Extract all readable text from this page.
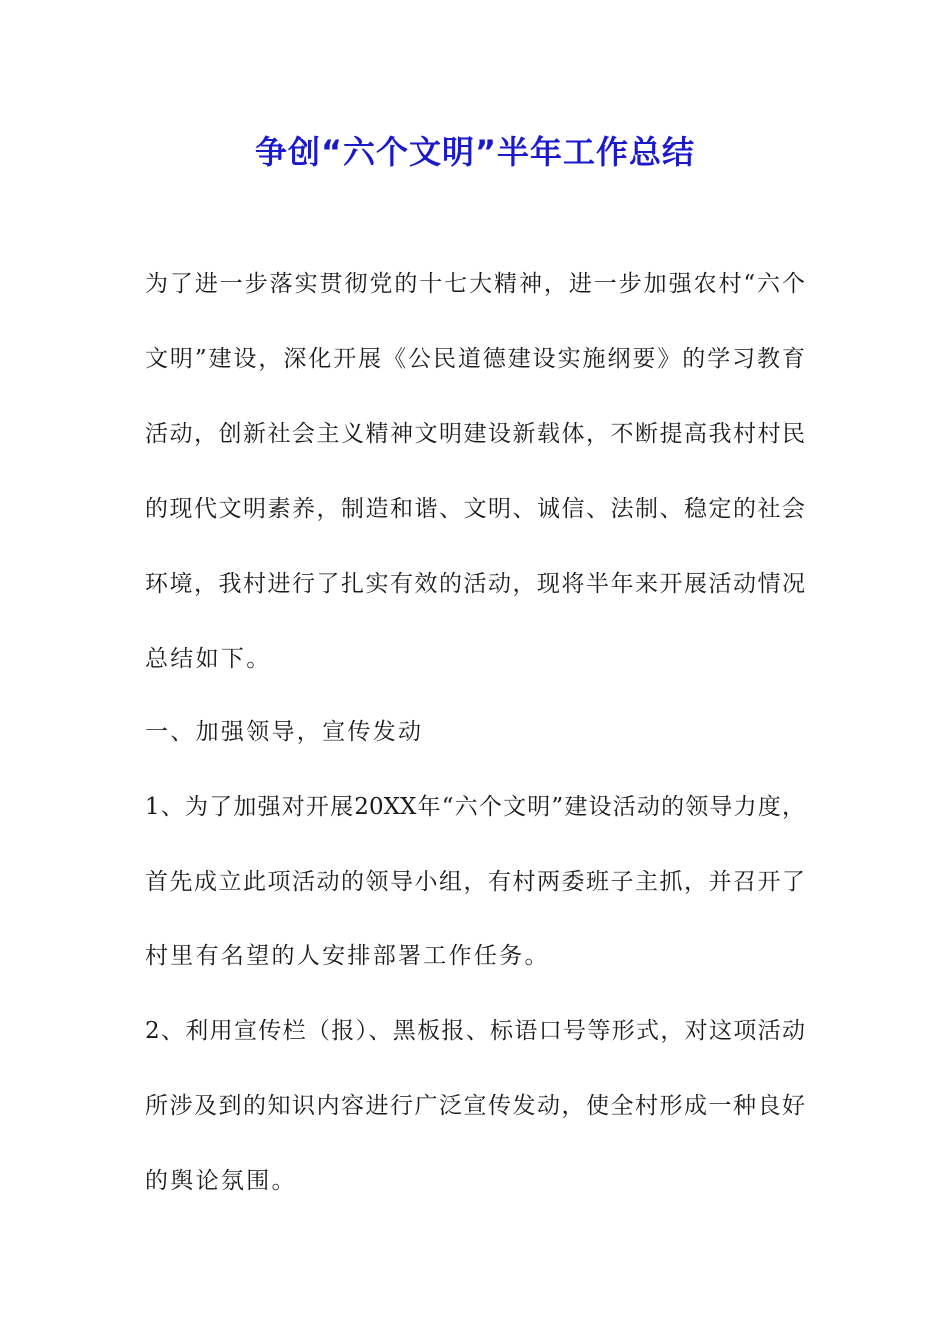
争创“六个文明”半年工作总结
为了进一步落实贯彻党的十七大精神，进一步加强农村“六个
文明”建设，深化开展《公民道德建设实施纲要》的学习教育
活动，创新社会主义精神文明建设新载体，不断提高我村村民
的现代文明素养，制造和谐、文明、诚信、法制、稳定的社会
环境，我村进行了扎实有效的活动，现将半年来开展活动情况
总结如下。
一、加强领导，宣传发动
1、为了加强对开展20XX年“六个文明”建设活动的领导力度，
首先成立此项活动的领导小组，有村两委班子主抓，并召开了
村里有名望的人安排部署工作任务。
2、利用宣传栏（报）、黑板报、标语口号等形式，对这项活动
所涉及到的知识内容进行广泛宣传发动，使全村形成一种良好
的舆论氛围。
